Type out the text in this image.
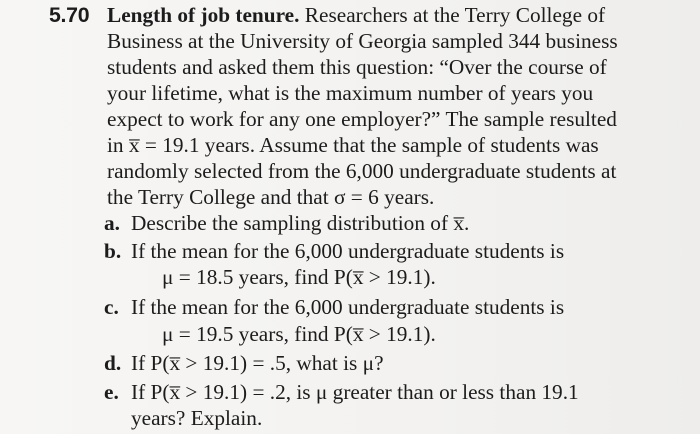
5.70 Length of job tenure. Researchers at the Terry College of
Business at the University of Georgia sampled 344 business
students and asked them this question: “Over the course of
your lifetime, what is the maximum number of years you
expect to work for any one employer?” The sample resulted
in x̅ = 19.1 years. Assume that the sample of students was
randomly selected from the 6,000 undergraduate students at
the Terry College and that σ = 6 years.
a. Describe the sampling distribution of x̅.
b. If the mean for the 6,000 undergraduate students is
μ = 18.5 years, find P(x̅ > 19.1).
c. If the mean for the 6,000 undergraduate students is
μ = 19.5 years, find P(x̅ > 19.1).
d. If P(x̅ > 19.1) = .5, what is μ?
e. If P(x̅ > 19.1) = .2, is μ greater than or less than 19.1
years? Explain.
